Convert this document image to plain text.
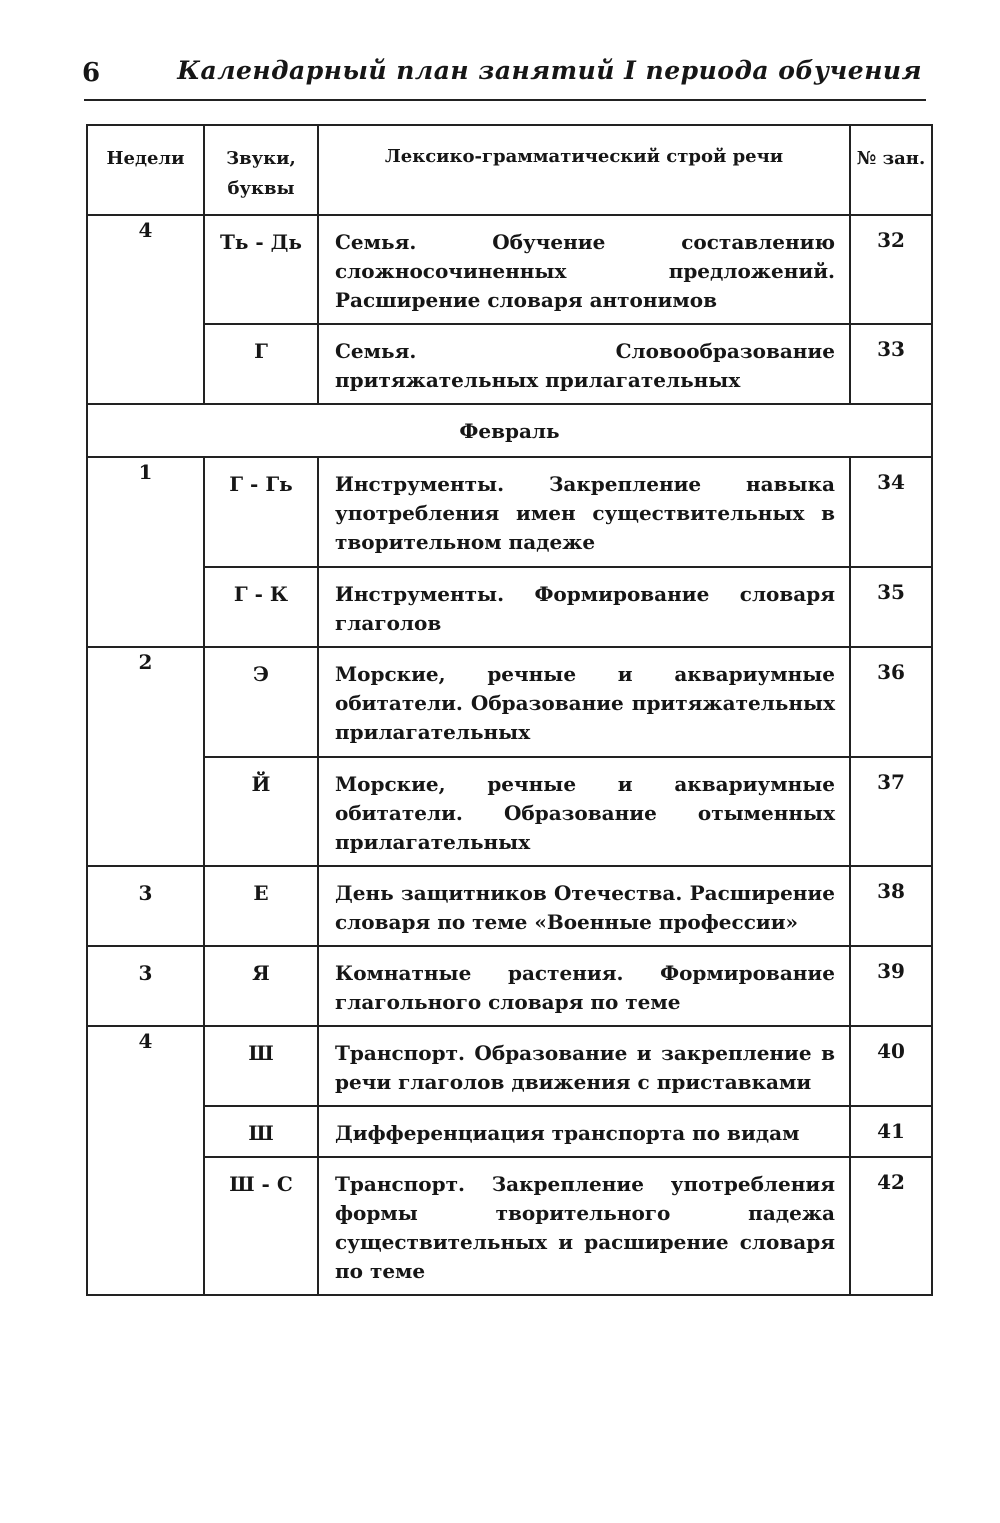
6	Календарный план занятий I периода обучения
Недели	Звуки, буквы	Лексико-грамматический строй речи	№ зан.
4	Ть - Дь	Семья. Обучение составлению сложносочиненных предложений. Расширение словаря антонимов	32
	Г	Семья. Словообразование притяжательных прилагательных	33
Февраль			
1	Г - Гь	Инструменты. Закрепление навыка употребления имен существительных в творительном падеже	34
	Г - К	Инструменты. Формирование словаря глаголов	35
2	Э	Морские, речные и аквариумные обитатели. Образование притяжательных прилагательных	36
	Й	Морские, речные и аквариумные обитатели. Образование отыменных прилагательных	37
3	Е	День защитников Отечества. Расширение словаря по теме «Военные профессии»	38
3	Я	Комнатные растения. Формирование глагольного словаря по теме	39
4	Ш	Транспорт. Образование и закрепление в речи глаголов движения с приставками	40
	Ш	Дифференциация транспорта по видам	41
	Ш - С	Транспорт. Закрепление употребления формы творительного падежа существительных и расширение словаря по теме	42
